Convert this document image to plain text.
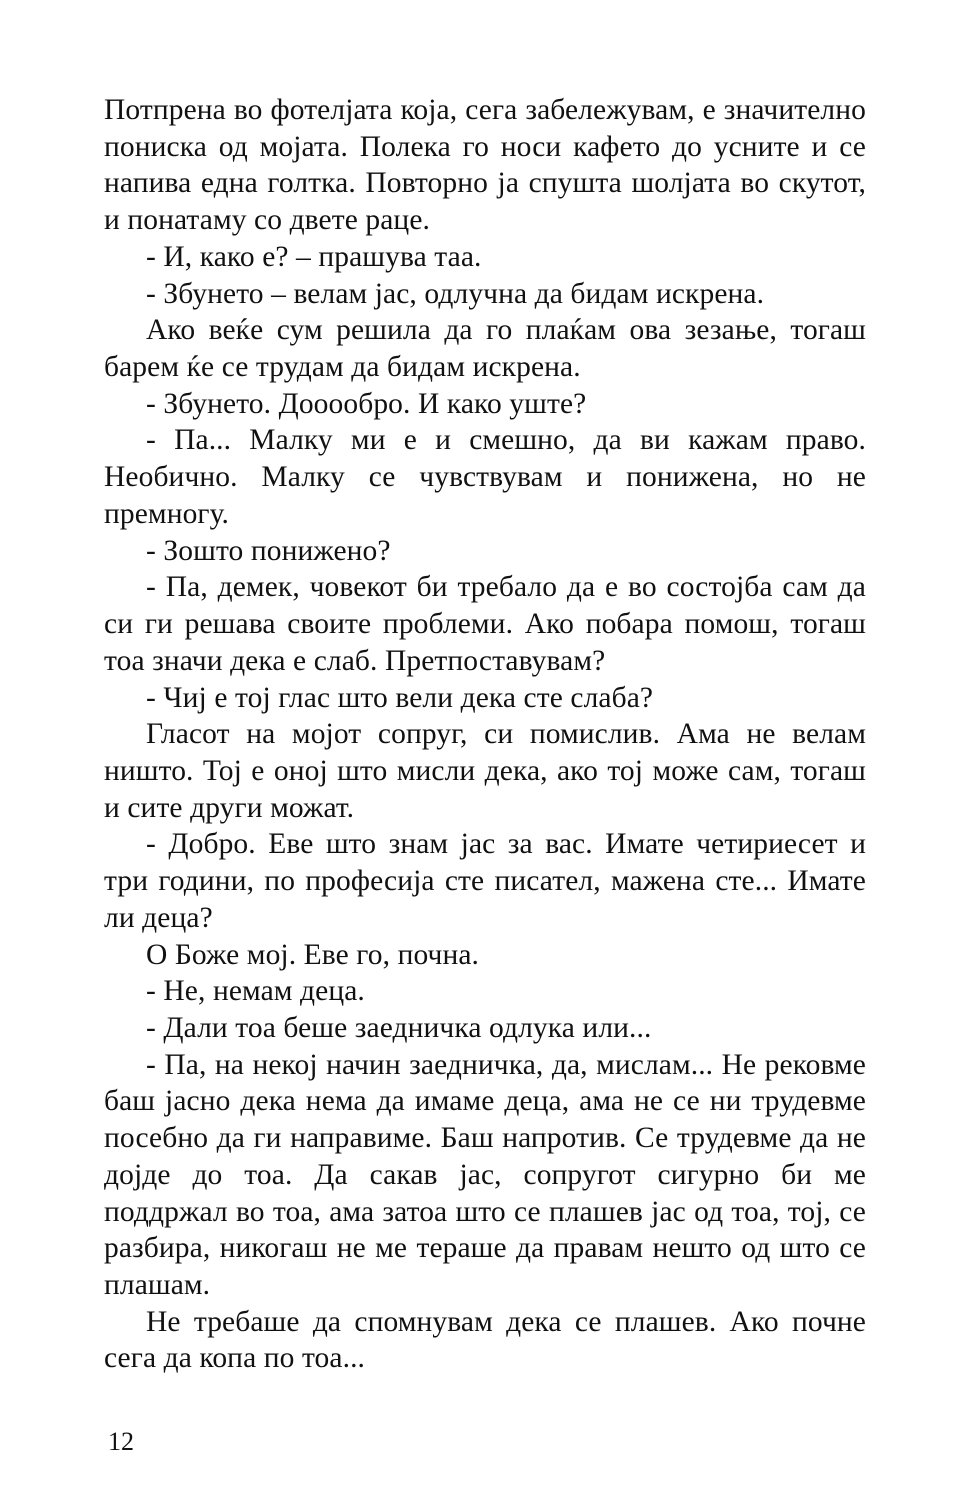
Потпрена во фотелјата која, сега забележувам, е значително пониска од мојата. Полека го носи кафето до усните и се напива една голтка. Повторно ја спушта шолјата во скутот, и понатаму со двете раце.

- И, како е? – прашува таа.

- Збунето – велам јас, одлучна да бидам искрена.

Ако веќе сум решила да го плаќам ова зезање, тогаш барем ќе се трудам да бидам искрена.

- Збунето. Дооообро. И како уште?

- Па... Малку ми е и смешно, да ви кажам право. Необично. Малку се чувствувам и понижена, но не премногу.

- Зошто понижено?

- Па, демек, човекот би требало да е во состојба сам да си ги решава своите проблеми. Ако побара помош, тогаш тоа значи дека е слаб. Претпоставувам?

- Чиј е тој глас што вели дека сте слаба?

Гласот на мојот сопруг, си помислив. Ама не велам ништо. Тој е оној што мисли дека, ако тој може сам, тогаш и сите други можат.

- Добро. Еве што знам јас за вас. Имате четириесет и три години, по професија сте писател, мажена сте... Имате ли деца?

О Боже мој. Еве го, почна.

- Не, немам деца.

- Дали тоа беше заедничка одлука или...

- Па, на некој начин заедничка, да, мислам... Не рековме баш јасно дека нема да имаме деца, ама не се ни трудевме посебно да ги направиме. Баш напротив. Се трудевме да не дојде до тоа. Да сакав јас, сопругот сигурно би ме поддржал во тоа, ама затоа што се плашев јас од тоа, тој, се разбира, никогаш не ме тераше да правам нешто од што се плашам.

Не требаше да спомнувам дека се плашев. Ако почне сега да копа по тоа...

12
